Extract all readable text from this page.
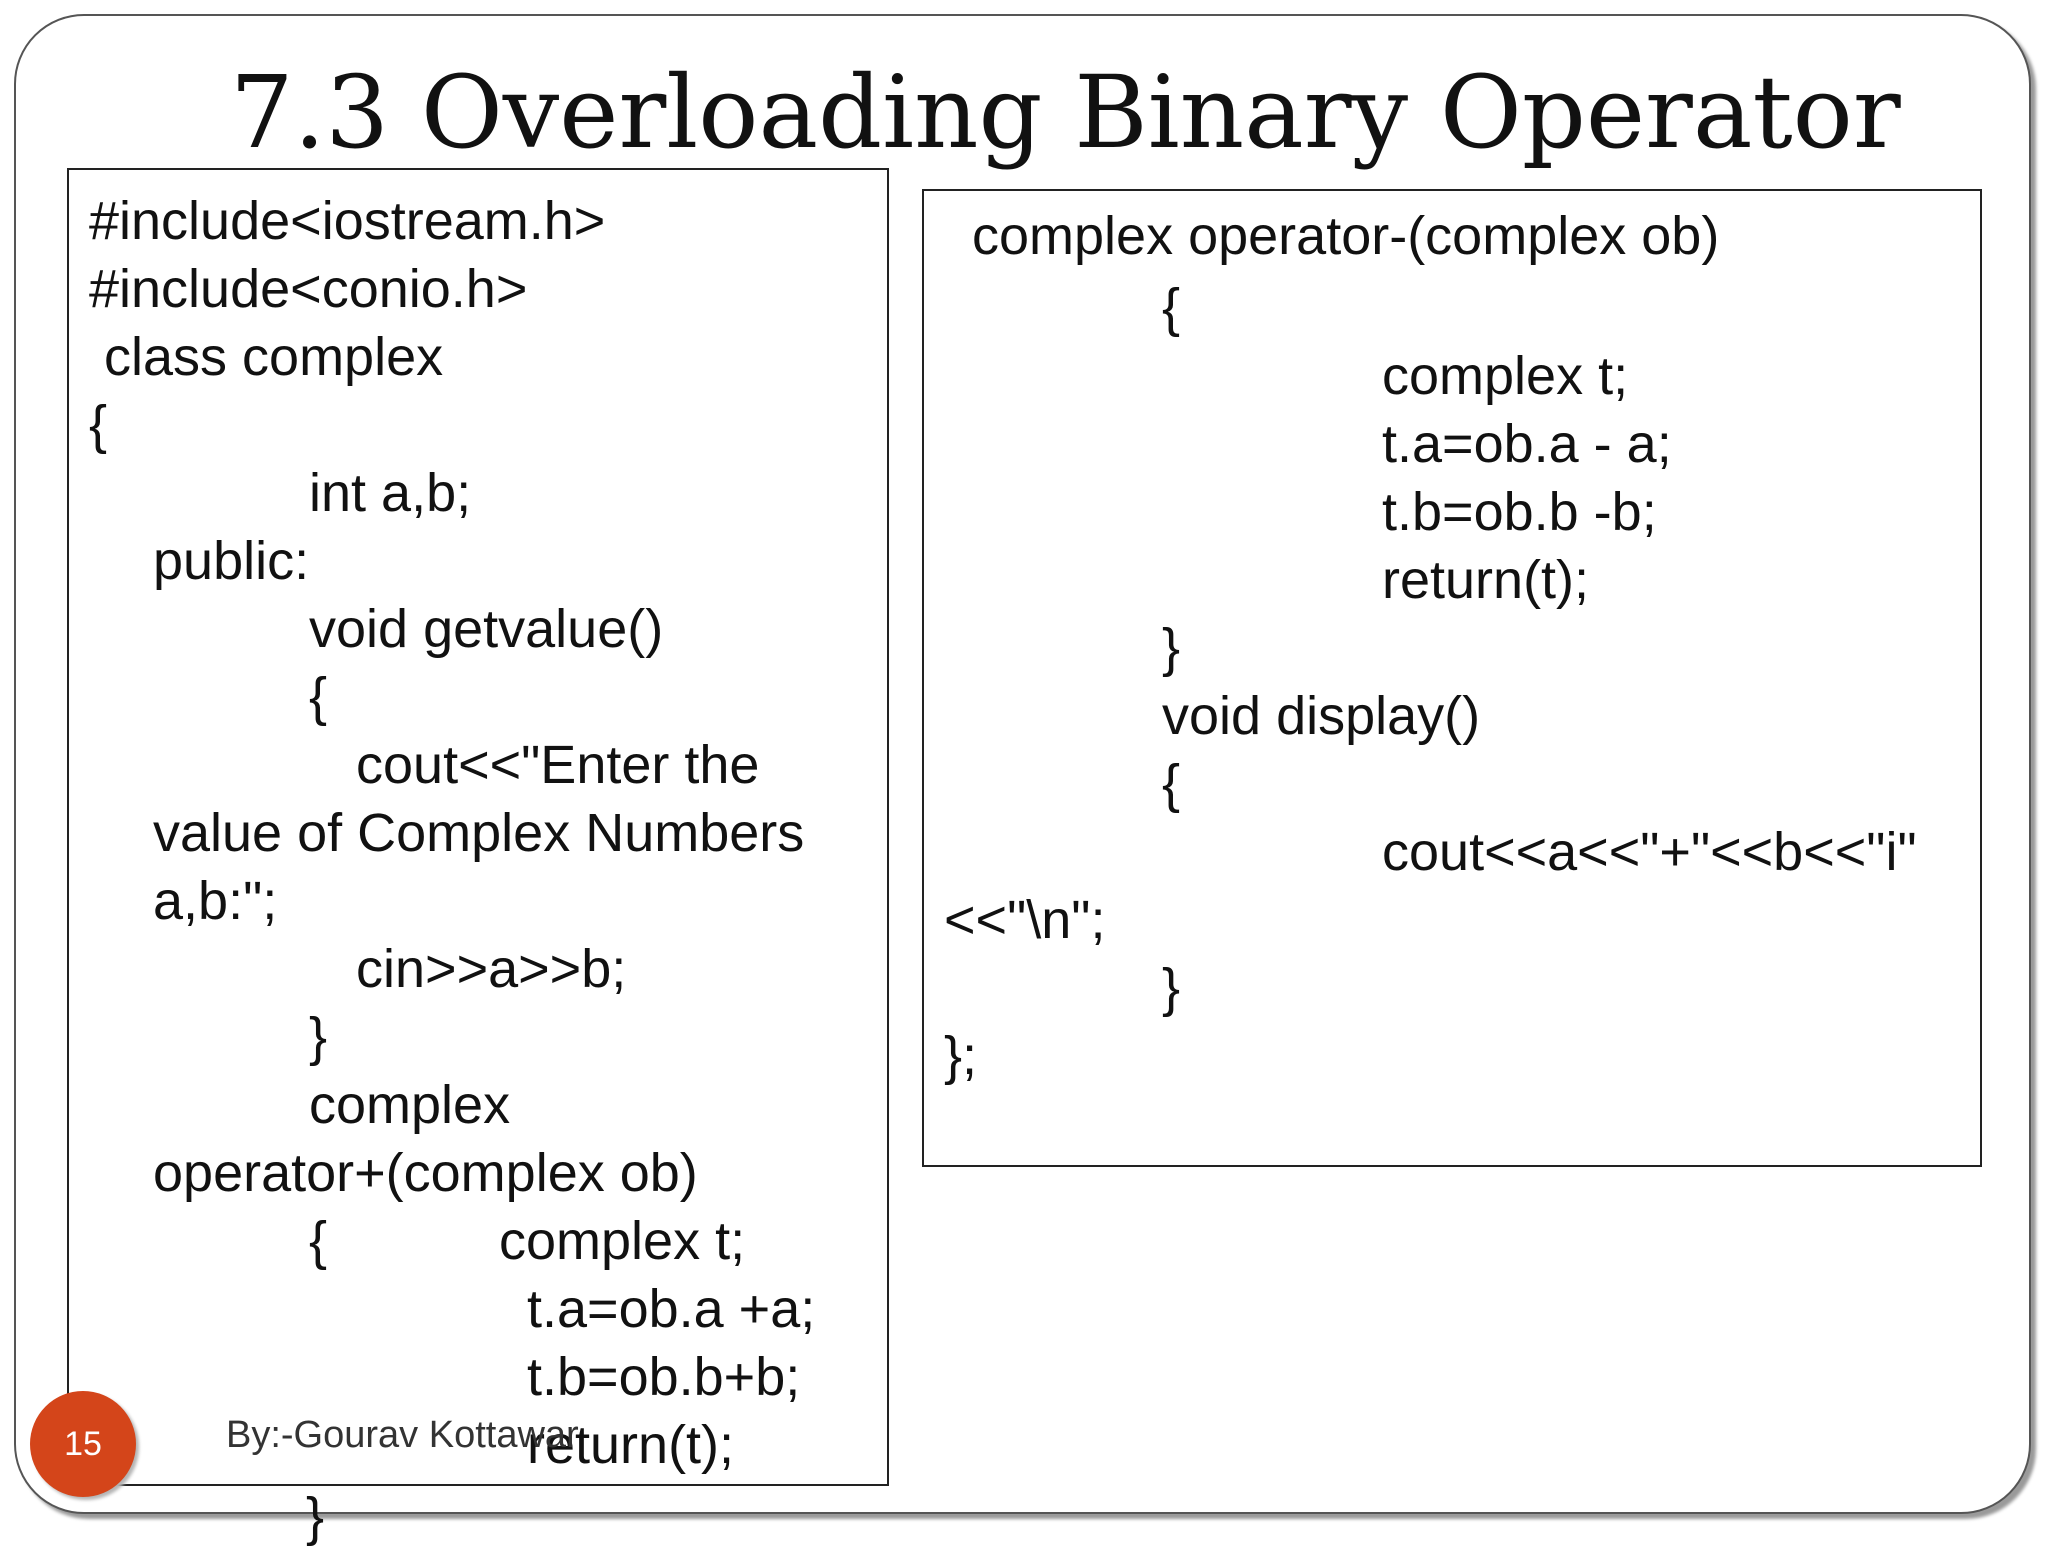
7.3 Overloading Binary Operator
#include<iostream.h>
#include<conio.h>
class complex
{
int a,b;
public:
void getvalue()
{
cout<<"Enter the
value of Complex Numbers
a,b:";
cin>>a>>b;
}
complex
operator+(complex ob)
{	complex t;
t.a=ob.a +a;
t.b=ob.b+b;
return(t);
}
complex operator-(complex ob)
{
complex t;
t.a=ob.a - a;
t.b=ob.b -b;
return(t);
}
void display()
{
cout<<a<<"+"<<b<<"i"
<<"\n";
}
};
15	By:-Gourav Kottawar
